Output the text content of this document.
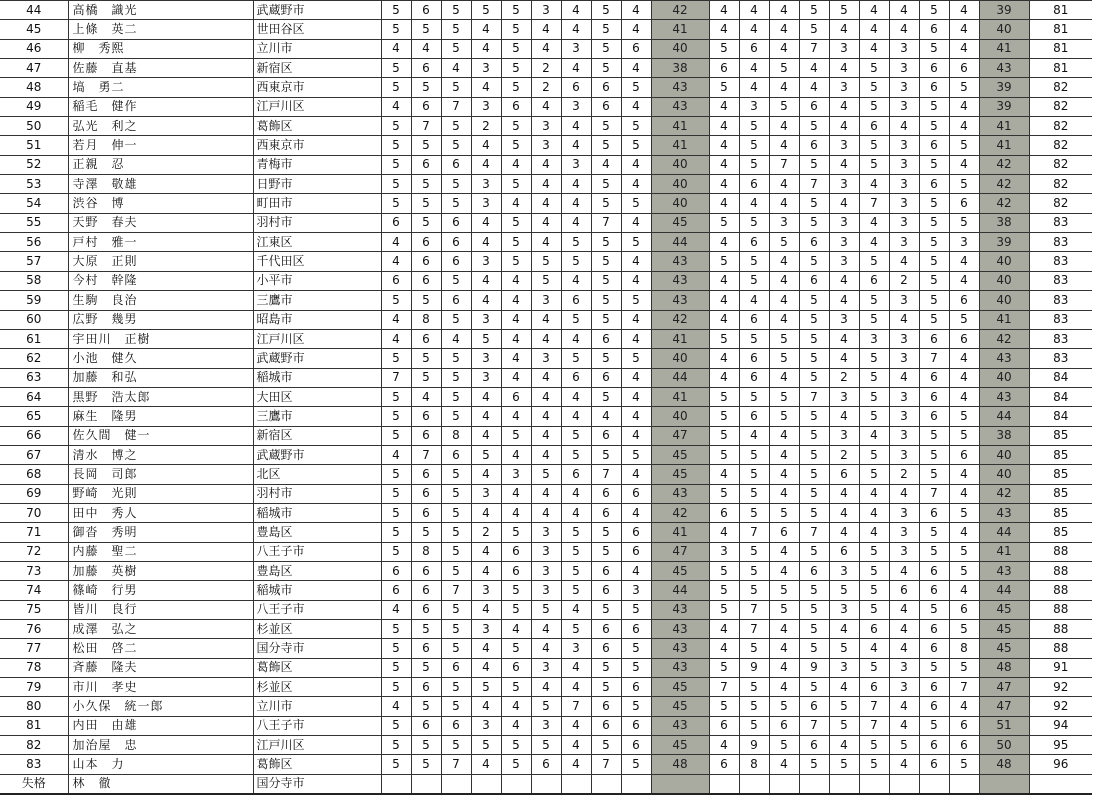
44	高橋　識光	武蔵野市	5	6	5	5	5	3	4	5	4	42	4	4	4	5	5	4	4	5	4	39	81
45	上條　英二	世田谷区	5	5	5	4	5	4	4	5	4	41	4	4	4	5	4	4	4	6	4	40	81
46	柳　秀熙	立川市	4	4	5	4	5	4	3	5	6	40	5	6	4	7	3	4	3	5	4	41	81
47	佐藤　直基	新宿区	5	6	4	3	5	2	4	5	4	38	6	4	5	4	4	5	3	6	6	43	81
48	塙　勇二	西東京市	5	5	5	4	5	2	6	6	5	43	5	4	4	4	3	5	3	6	5	39	82
49	稲毛　健作	江戸川区	4	6	7	3	6	4	3	6	4	43	4	3	5	6	4	5	3	5	4	39	82
50	弘光　利之	葛飾区	5	7	5	2	5	3	4	5	5	41	4	5	4	5	4	6	4	5	4	41	82
51	若月　伸一	西東京市	5	5	5	4	5	3	4	5	5	41	4	5	4	6	3	5	3	6	5	41	82
52	正親　忍	青梅市	5	6	6	4	4	4	3	4	4	40	4	5	7	5	4	5	3	5	4	42	82
53	寺澤　敬雄	日野市	5	5	5	3	5	4	4	5	4	40	4	6	4	7	3	4	3	6	5	42	82
54	渋谷　博	町田市	5	5	5	3	4	4	4	5	5	40	4	4	4	5	4	7	3	5	6	42	82
55	天野　春夫	羽村市	6	5	6	4	5	4	4	7	4	45	5	5	3	5	3	4	3	5	5	38	83
56	戸村　雅一	江東区	4	6	6	4	5	4	5	5	5	44	4	6	5	6	3	4	3	5	3	39	83
57	大原　正則	千代田区	4	6	6	3	5	5	5	5	4	43	5	5	4	5	3	5	4	5	4	40	83
58	今村　幹隆	小平市	6	6	5	4	4	5	4	5	4	43	4	5	4	6	4	6	2	5	4	40	83
59	生駒　良治	三鷹市	5	5	6	4	4	3	6	5	5	43	4	4	4	5	4	5	3	5	6	40	83
60	広野　幾男	昭島市	4	8	5	3	4	4	5	5	4	42	4	6	4	5	3	5	4	5	5	41	83
61	宇田川　正樹	江戸川区	4	6	4	5	4	4	4	6	4	41	5	5	5	5	4	3	3	6	6	42	83
62	小池　健久	武蔵野市	5	5	5	3	4	3	5	5	5	40	4	6	5	5	4	5	3	7	4	43	83
63	加藤　和弘	稲城市	7	5	5	3	4	4	6	6	4	44	4	6	4	5	2	5	4	6	4	40	84
64	黒野　浩太郎	大田区	5	4	5	4	6	4	4	5	4	41	5	5	5	7	3	5	3	6	4	43	84
65	麻生　隆男	三鷹市	5	6	5	4	4	4	4	4	4	40	5	6	5	5	4	5	3	6	5	44	84
66	佐久間　健一	新宿区	5	6	8	4	5	4	5	6	4	47	5	4	4	5	3	4	3	5	5	38	85
67	清水　博之	武蔵野市	4	7	6	5	4	4	5	5	5	45	5	5	4	5	2	5	3	5	6	40	85
68	長岡　司郎	北区	5	6	5	4	3	5	6	7	4	45	4	5	4	5	6	5	2	5	4	40	85
69	野崎　光則	羽村市	5	6	5	3	4	4	4	6	6	43	5	5	4	5	4	4	4	7	4	42	85
70	田中　秀人	稲城市	5	6	5	4	4	4	4	6	4	42	6	5	5	5	4	4	3	6	5	43	85
71	御沓　秀明	豊島区	5	5	5	2	5	3	5	5	6	41	4	7	6	7	4	4	3	5	4	44	85
72	内藤　聖二	八王子市	5	8	5	4	6	3	5	5	6	47	3	5	4	5	6	5	3	5	5	41	88
73	加藤　英樹	豊島区	6	6	5	4	6	3	5	6	4	45	5	5	4	6	3	5	4	6	5	43	88
74	篠崎　行男	稲城市	6	6	7	3	5	3	5	6	3	44	5	5	5	5	5	5	6	6	4	44	88
75	皆川　良行	八王子市	4	6	5	4	5	5	4	5	5	43	5	7	5	5	3	5	4	5	6	45	88
76	成澤　弘之	杉並区	5	5	5	3	4	4	5	6	6	43	4	7	4	5	4	6	4	6	5	45	88
77	松田　啓二	国分寺市	5	6	5	4	5	4	3	6	5	43	4	5	4	5	5	4	4	6	8	45	88
78	斉藤　隆夫	葛飾区	5	5	6	4	6	3	4	5	5	43	5	9	4	9	3	5	3	5	5	48	91
79	市川　孝史	杉並区	5	6	5	5	5	4	4	5	6	45	7	5	4	5	4	6	3	6	7	47	92
80	小久保　統一郎	立川市	4	5	5	4	4	5	7	6	5	45	5	5	5	6	5	7	4	6	4	47	92
81	内田　由雄	八王子市	5	6	6	3	4	3	4	6	6	43	6	5	6	7	5	7	4	5	6	51	94
82	加治屋　忠	江戸川区	5	5	5	5	5	5	4	5	6	45	4	9	5	6	4	5	5	6	6	50	95
83	山本　力	葛飾区	5	5	7	4	5	6	4	7	5	48	6	8	4	5	5	5	4	6	5	48	96
失格	林　徹	国分寺市																					
